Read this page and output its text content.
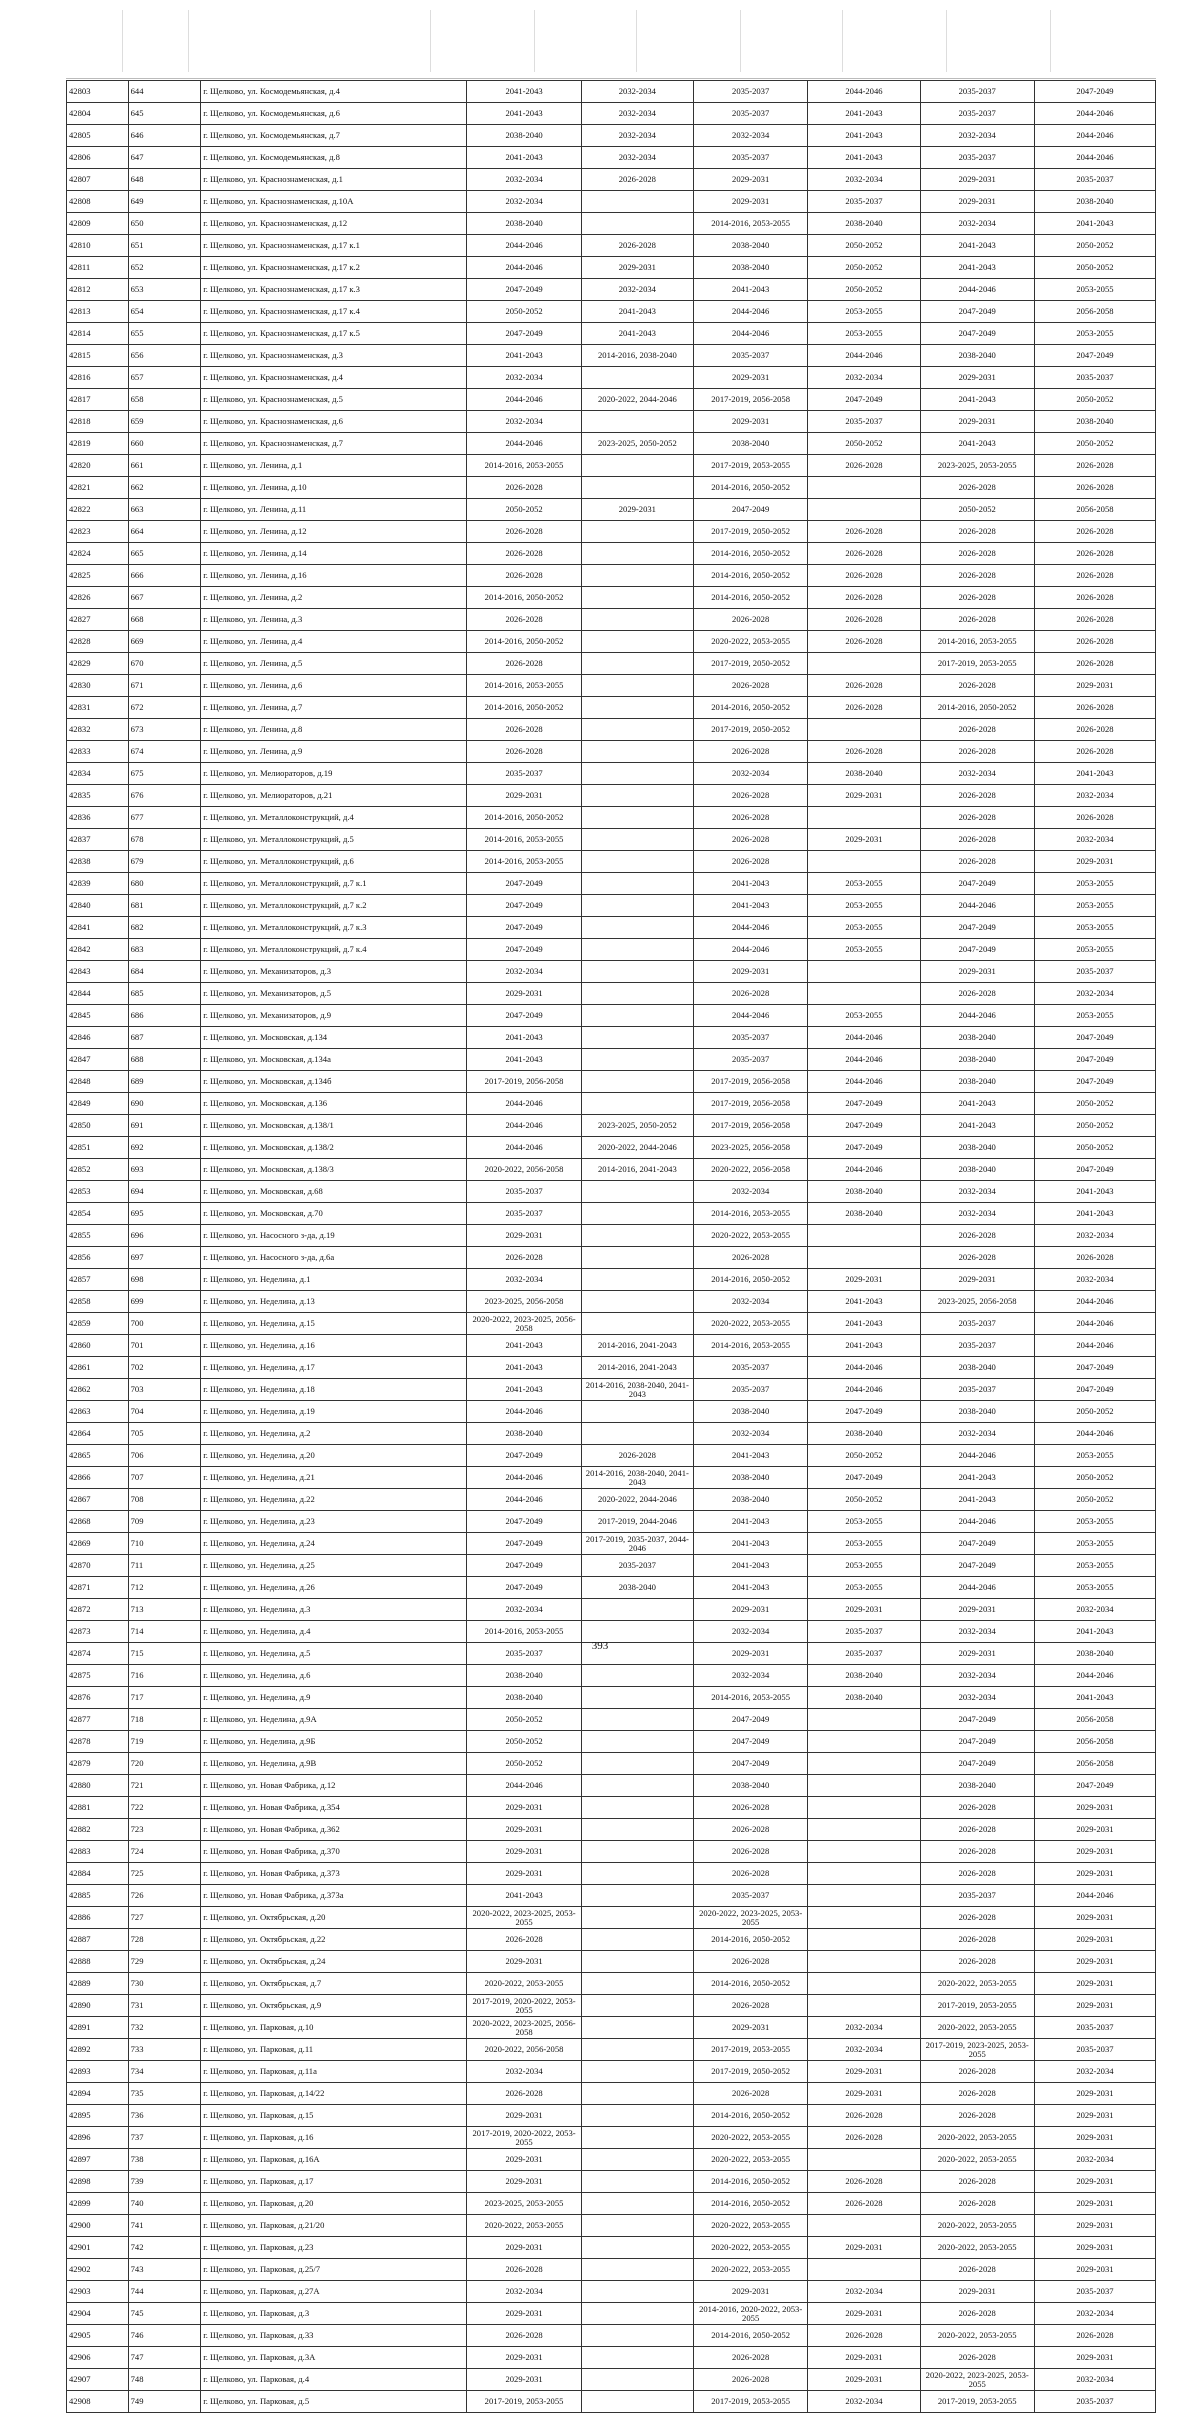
42803	644	г. Щелково, ул. Космодемьянская, д.4	2041-2043	2032-2034	2035-2037	2044-2046	2035-2037	2047-2049
42804	645	г. Щелково, ул. Космодемьянская, д.6	2041-2043	2032-2034	2035-2037	2041-2043	2035-2037	2044-2046
42805	646	г. Щелково, ул. Космодемьянская, д.7	2038-2040	2032-2034	2032-2034	2041-2043	2032-2034	2044-2046
42806	647	г. Щелково, ул. Космодемьянская, д.8	2041-2043	2032-2034	2035-2037	2041-2043	2035-2037	2044-2046
42807	648	г. Щелково, ул. Краснознаменская, д.1	2032-2034	2026-2028	2029-2031	2032-2034	2029-2031	2035-2037
42808	649	г. Щелково, ул. Краснознаменская, д.10А	2032-2034		2029-2031	2035-2037	2029-2031	2038-2040
42809	650	г. Щелково, ул. Краснознаменская, д.12	2038-2040		2014-2016, 2053-2055	2038-2040	2032-2034	2041-2043
42810	651	г. Щелково, ул. Краснознаменская, д.17 к.1	2044-2046	2026-2028	2038-2040	2050-2052	2041-2043	2050-2052
42811	652	г. Щелково, ул. Краснознаменская, д.17 к.2	2044-2046	2029-2031	2038-2040	2050-2052	2041-2043	2050-2052
42812	653	г. Щелково, ул. Краснознаменская, д.17 к.3	2047-2049	2032-2034	2041-2043	2050-2052	2044-2046	2053-2055
42813	654	г. Щелково, ул. Краснознаменская, д.17 к.4	2050-2052	2041-2043	2044-2046	2053-2055	2047-2049	2056-2058
42814	655	г. Щелково, ул. Краснознаменская, д.17 к.5	2047-2049	2041-2043	2044-2046	2053-2055	2047-2049	2053-2055
42815	656	г. Щелково, ул. Краснознаменская, д.3	2041-2043	2014-2016, 2038-2040	2035-2037	2044-2046	2038-2040	2047-2049
42816	657	г. Щелково, ул. Краснознаменская, д.4	2032-2034		2029-2031	2032-2034	2029-2031	2035-2037
42817	658	г. Щелково, ул. Краснознаменская, д.5	2044-2046	2020-2022, 2044-2046	2017-2019, 2056-2058	2047-2049	2041-2043	2050-2052
42818	659	г. Щелково, ул. Краснознаменская, д.6	2032-2034		2029-2031	2035-2037	2029-2031	2038-2040
42819	660	г. Щелково, ул. Краснознаменская, д.7	2044-2046	2023-2025, 2050-2052	2038-2040	2050-2052	2041-2043	2050-2052
42820	661	г. Щелково, ул. Ленина, д.1	2014-2016, 2053-2055		2017-2019, 2053-2055	2026-2028	2023-2025, 2053-2055	2026-2028
42821	662	г. Щелково, ул. Ленина, д.10	2026-2028		2014-2016, 2050-2052		2026-2028	2026-2028
42822	663	г. Щелково, ул. Ленина, д.11	2050-2052	2029-2031	2047-2049		2050-2052	2056-2058
42823	664	г. Щелково, ул. Ленина, д.12	2026-2028		2017-2019, 2050-2052	2026-2028	2026-2028	2026-2028
42824	665	г. Щелково, ул. Ленина, д.14	2026-2028		2014-2016, 2050-2052	2026-2028	2026-2028	2026-2028
42825	666	г. Щелково, ул. Ленина, д.16	2026-2028		2014-2016, 2050-2052	2026-2028	2026-2028	2026-2028
42826	667	г. Щелково, ул. Ленина, д.2	2014-2016, 2050-2052		2014-2016, 2050-2052	2026-2028	2026-2028	2026-2028
42827	668	г. Щелково, ул. Ленина, д.3	2026-2028		2026-2028	2026-2028	2026-2028	2026-2028
42828	669	г. Щелково, ул. Ленина, д.4	2014-2016, 2050-2052		2020-2022, 2053-2055	2026-2028	2014-2016, 2053-2055	2026-2028
42829	670	г. Щелково, ул. Ленина, д.5	2026-2028		2017-2019, 2050-2052		2017-2019, 2053-2055	2026-2028
42830	671	г. Щелково, ул. Ленина, д.6	2014-2016, 2053-2055		2026-2028	2026-2028	2026-2028	2029-2031
42831	672	г. Щелково, ул. Ленина, д.7	2014-2016, 2050-2052		2014-2016, 2050-2052	2026-2028	2014-2016, 2050-2052	2026-2028
42832	673	г. Щелково, ул. Ленина, д.8	2026-2028		2017-2019, 2050-2052		2026-2028	2026-2028
42833	674	г. Щелково, ул. Ленина, д.9	2026-2028		2026-2028	2026-2028	2026-2028	2026-2028
42834	675	г. Щелково, ул. Мелиораторов, д.19	2035-2037		2032-2034	2038-2040	2032-2034	2041-2043
42835	676	г. Щелково, ул. Мелиораторов, д.21	2029-2031		2026-2028	2029-2031	2026-2028	2032-2034
42836	677	г. Щелково, ул. Металлоконструкций, д.4	2014-2016, 2050-2052		2026-2028		2026-2028	2026-2028
42837	678	г. Щелково, ул. Металлоконструкций, д.5	2014-2016, 2053-2055		2026-2028	2029-2031	2026-2028	2032-2034
42838	679	г. Щелково, ул. Металлоконструкций, д.6	2014-2016, 2053-2055		2026-2028		2026-2028	2029-2031
42839	680	г. Щелково, ул. Металлоконструкций, д.7 к.1	2047-2049		2041-2043	2053-2055	2047-2049	2053-2055
42840	681	г. Щелково, ул. Металлоконструкций, д.7 к.2	2047-2049		2041-2043	2053-2055	2044-2046	2053-2055
42841	682	г. Щелково, ул. Металлоконструкций, д.7 к.3	2047-2049		2044-2046	2053-2055	2047-2049	2053-2055
42842	683	г. Щелково, ул. Металлоконструкций, д.7 к.4	2047-2049		2044-2046	2053-2055	2047-2049	2053-2055
42843	684	г. Щелково, ул. Механизаторов, д.3	2032-2034		2029-2031		2029-2031	2035-2037
42844	685	г. Щелково, ул. Механизаторов, д.5	2029-2031		2026-2028		2026-2028	2032-2034
42845	686	г. Щелково, ул. Механизаторов, д.9	2047-2049		2044-2046	2053-2055	2044-2046	2053-2055
42846	687	г. Щелково, ул. Московская, д.134	2041-2043		2035-2037	2044-2046	2038-2040	2047-2049
42847	688	г. Щелково, ул. Московская, д.134а	2041-2043		2035-2037	2044-2046	2038-2040	2047-2049
42848	689	г. Щелково, ул. Московская, д.134б	2017-2019, 2056-2058		2017-2019, 2056-2058	2044-2046	2038-2040	2047-2049
42849	690	г. Щелково, ул. Московская, д.136	2044-2046		2017-2019, 2056-2058	2047-2049	2041-2043	2050-2052
42850	691	г. Щелково, ул. Московская, д.138/1	2044-2046	2023-2025, 2050-2052	2017-2019, 2056-2058	2047-2049	2041-2043	2050-2052
42851	692	г. Щелково, ул. Московская, д.138/2	2044-2046	2020-2022, 2044-2046	2023-2025, 2056-2058	2047-2049	2038-2040	2050-2052
42852	693	г. Щелково, ул. Московская, д.138/3	2020-2022, 2056-2058	2014-2016, 2041-2043	2020-2022, 2056-2058	2044-2046	2038-2040	2047-2049
42853	694	г. Щелково, ул. Московская, д.68	2035-2037		2032-2034	2038-2040	2032-2034	2041-2043
42854	695	г. Щелково, ул. Московская, д.70	2035-2037		2014-2016, 2053-2055	2038-2040	2032-2034	2041-2043
42855	696	г. Щелково, ул. Насосного з-да, д.19	2029-2031		2020-2022, 2053-2055		2026-2028	2032-2034
42856	697	г. Щелково, ул. Насосного з-да, д.6а	2026-2028		2026-2028		2026-2028	2026-2028
42857	698	г. Щелково, ул. Неделина, д.1	2032-2034		2014-2016, 2050-2052	2029-2031	2029-2031	2032-2034
42858	699	г. Щелково, ул. Неделина, д.13	2023-2025, 2056-2058		2032-2034	2041-2043	2023-2025, 2056-2058	2044-2046
42859	700	г. Щелково, ул. Неделина, д.15	2020-2022, 2023-2025, 2056-2058		2020-2022, 2053-2055	2041-2043	2035-2037	2044-2046
42860	701	г. Щелково, ул. Неделина, д.16	2041-2043	2014-2016, 2041-2043	2014-2016, 2053-2055	2041-2043	2035-2037	2044-2046
42861	702	г. Щелково, ул. Неделина, д.17	2041-2043	2014-2016, 2041-2043	2035-2037	2044-2046	2038-2040	2047-2049
42862	703	г. Щелково, ул. Неделина, д.18	2041-2043	2014-2016, 2038-2040, 2041-2043	2035-2037	2044-2046	2035-2037	2047-2049
42863	704	г. Щелково, ул. Неделина, д.19	2044-2046		2038-2040	2047-2049	2038-2040	2050-2052
42864	705	г. Щелково, ул. Неделина, д.2	2038-2040		2032-2034	2038-2040	2032-2034	2044-2046
42865	706	г. Щелково, ул. Неделина, д.20	2047-2049	2026-2028	2041-2043	2050-2052	2044-2046	2053-2055
42866	707	г. Щелково, ул. Неделина, д.21	2044-2046	2014-2016, 2038-2040, 2041-2043	2038-2040	2047-2049	2041-2043	2050-2052
42867	708	г. Щелково, ул. Неделина, д.22	2044-2046	2020-2022, 2044-2046	2038-2040	2050-2052	2041-2043	2050-2052
42868	709	г. Щелково, ул. Неделина, д.23	2047-2049	2017-2019, 2044-2046	2041-2043	2053-2055	2044-2046	2053-2055
42869	710	г. Щелково, ул. Неделина, д.24	2047-2049	2017-2019, 2035-2037, 2044-2046	2041-2043	2053-2055	2047-2049	2053-2055
42870	711	г. Щелково, ул. Неделина, д.25	2047-2049	2035-2037	2041-2043	2053-2055	2047-2049	2053-2055
42871	712	г. Щелково, ул. Неделина, д.26	2047-2049	2038-2040	2041-2043	2053-2055	2044-2046	2053-2055
42872	713	г. Щелково, ул. Неделина, д.3	2032-2034		2029-2031	2029-2031	2029-2031	2032-2034
42873	714	г. Щелково, ул. Неделина, д.4	2014-2016, 2053-2055		2032-2034	2035-2037	2032-2034	2041-2043
42874	715	г. Щелково, ул. Неделина, д.5	2035-2037		2029-2031	2035-2037	2029-2031	2038-2040
42875	716	г. Щелково, ул. Неделина, д.6	2038-2040		2032-2034	2038-2040	2032-2034	2044-2046
42876	717	г. Щелково, ул. Неделина, д.9	2038-2040		2014-2016, 2053-2055	2038-2040	2032-2034	2041-2043
42877	718	г. Щелково, ул. Неделина, д.9А	2050-2052		2047-2049		2047-2049	2056-2058
42878	719	г. Щелково, ул. Неделина, д.9Б	2050-2052		2047-2049		2047-2049	2056-2058
42879	720	г. Щелково, ул. Неделина, д.9В	2050-2052		2047-2049		2047-2049	2056-2058
42880	721	г. Щелково, ул. Новая Фабрика, д.12	2044-2046		2038-2040		2038-2040	2047-2049
42881	722	г. Щелково, ул. Новая Фабрика, д.354	2029-2031		2026-2028		2026-2028	2029-2031
42882	723	г. Щелково, ул. Новая Фабрика, д.362	2029-2031		2026-2028		2026-2028	2029-2031
42883	724	г. Щелково, ул. Новая Фабрика, д.370	2029-2031		2026-2028		2026-2028	2029-2031
42884	725	г. Щелково, ул. Новая Фабрика, д.373	2029-2031		2026-2028		2026-2028	2029-2031
42885	726	г. Щелково, ул. Новая Фабрика, д.373а	2041-2043		2035-2037		2035-2037	2044-2046
42886	727	г. Щелково, ул. Октябрьская, д.20	2020-2022, 2023-2025, 2053-2055		2020-2022, 2023-2025, 2053-2055		2026-2028	2029-2031
42887	728	г. Щелково, ул. Октябрьская, д.22	2026-2028		2014-2016, 2050-2052		2026-2028	2029-2031
42888	729	г. Щелково, ул. Октябрьская, д.24	2029-2031		2026-2028		2026-2028	2029-2031
42889	730	г. Щелково, ул. Октябрьская, д.7	2020-2022, 2053-2055		2014-2016, 2050-2052		2020-2022, 2053-2055	2029-2031
42890	731	г. Щелково, ул. Октябрьская, д.9	2017-2019, 2020-2022, 2053-2055		2026-2028		2017-2019, 2053-2055	2029-2031
42891	732	г. Щелково, ул. Парковая, д.10	2020-2022, 2023-2025, 2056-2058		2029-2031	2032-2034	2020-2022, 2053-2055	2035-2037
42892	733	г. Щелково, ул. Парковая, д.11	2020-2022, 2056-2058		2017-2019, 2053-2055	2032-2034	2017-2019, 2023-2025, 2053-2055	2035-2037
42893	734	г. Щелково, ул. Парковая, д.11а	2032-2034		2017-2019, 2050-2052	2029-2031	2026-2028	2032-2034
42894	735	г. Щелково, ул. Парковая, д.14/22	2026-2028		2026-2028	2029-2031	2026-2028	2029-2031
42895	736	г. Щелково, ул. Парковая, д.15	2029-2031		2014-2016, 2050-2052	2026-2028	2026-2028	2029-2031
42896	737	г. Щелково, ул. Парковая, д.16	2017-2019, 2020-2022, 2053-2055		2020-2022, 2053-2055	2026-2028	2020-2022, 2053-2055	2029-2031
42897	738	г. Щелково, ул. Парковая, д.16А	2029-2031		2020-2022, 2053-2055		2020-2022, 2053-2055	2032-2034
42898	739	г. Щелково, ул. Парковая, д.17	2029-2031		2014-2016, 2050-2052	2026-2028	2026-2028	2029-2031
42899	740	г. Щелково, ул. Парковая, д.20	2023-2025, 2053-2055		2014-2016, 2050-2052	2026-2028	2026-2028	2029-2031
42900	741	г. Щелково, ул. Парковая, д.21/20	2020-2022, 2053-2055		2020-2022, 2053-2055		2020-2022, 2053-2055	2029-2031
42901	742	г. Щелково, ул. Парковая, д.23	2029-2031		2020-2022, 2053-2055	2029-2031	2020-2022, 2053-2055	2029-2031
42902	743	г. Щелково, ул. Парковая, д.25/7	2026-2028		2020-2022, 2053-2055		2026-2028	2029-2031
42903	744	г. Щелково, ул. Парковая, д.27А	2032-2034		2029-2031	2032-2034	2029-2031	2035-2037
42904	745	г. Щелково, ул. Парковая, д.3	2029-2031		2014-2016, 2020-2022, 2053-2055	2029-2031	2026-2028	2032-2034
42905	746	г. Щелково, ул. Парковая, д.33	2026-2028		2014-2016, 2050-2052	2026-2028	2020-2022, 2053-2055	2026-2028
42906	747	г. Щелково, ул. Парковая, д.3А	2029-2031		2026-2028	2029-2031	2026-2028	2029-2031
42907	748	г. Щелково, ул. Парковая, д.4	2029-2031		2026-2028	2029-2031	2020-2022, 2023-2025, 2053-2055	2032-2034
42908	749	г. Щелково, ул. Парковая, д.5	2017-2019, 2053-2055		2017-2019, 2053-2055	2032-2034	2017-2019, 2053-2055	2035-2037
393
